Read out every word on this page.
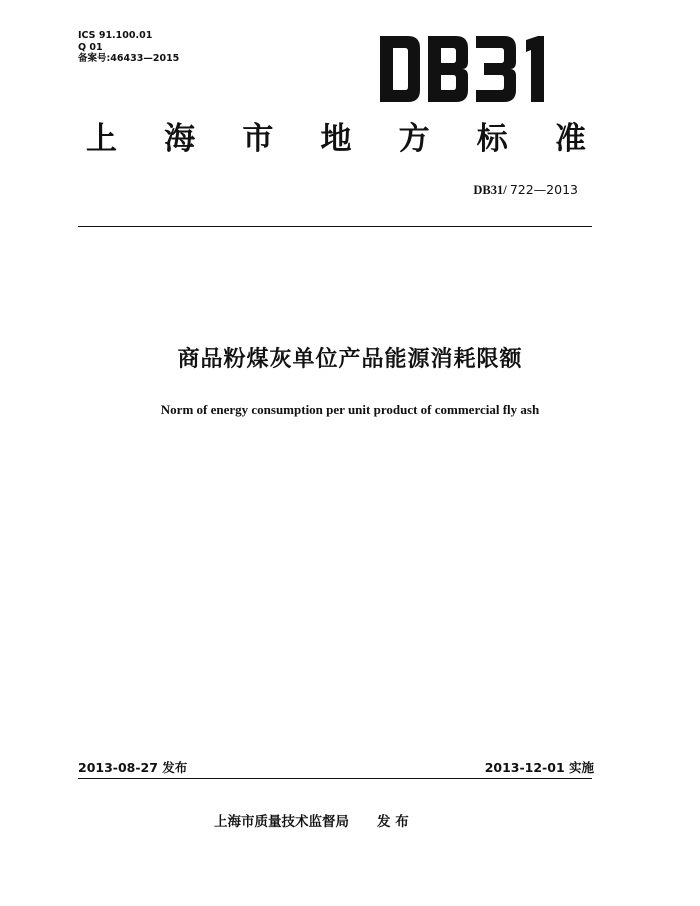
ICS 91.100.01
Q 01
备案号:46433—2015
上 海 市 地 方 标 准
DB31/ 722—2013
商品粉煤灰单位产品能源消耗限额
Norm of energy consumption per unit product of commercial fly ash
2013-08-27 发布	2013-12-01 实施
上海市质量技术监督局 发 布
